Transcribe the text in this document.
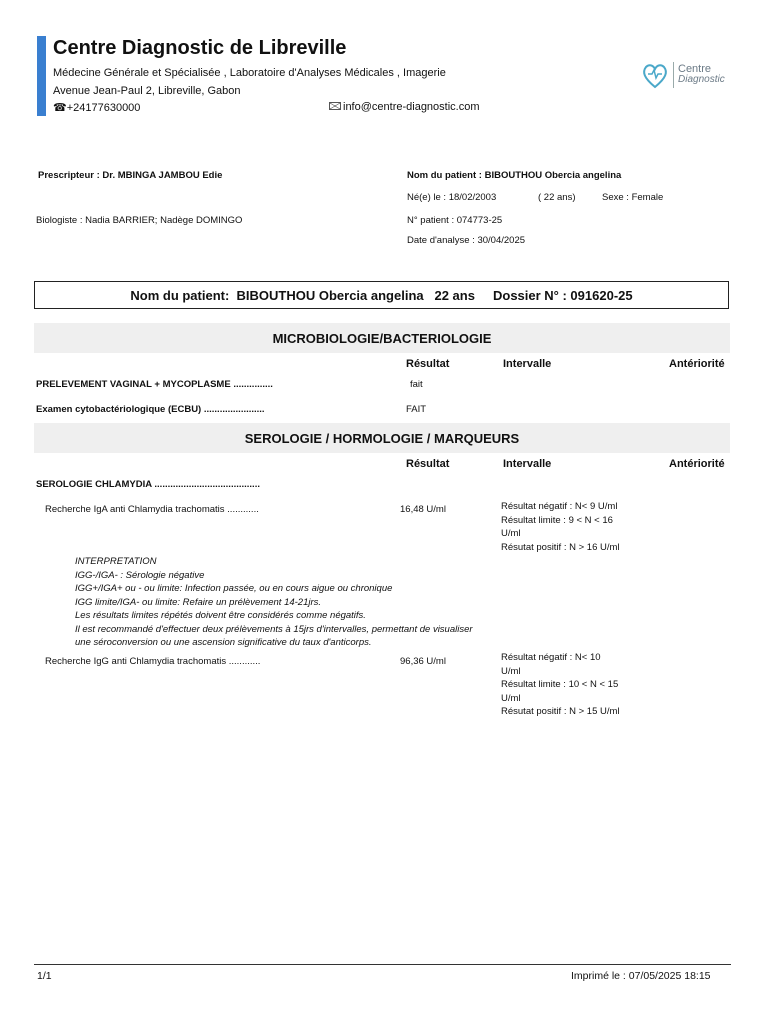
Centre Diagnostic de Libreville
Médecine Générale et Spécialisée , Laboratoire d'Analyses Médicales , Imagerie
Avenue Jean-Paul 2, Libreville, Gabon
☎+24177630000	info@centre-diagnostic.com
Centre
Diagnostic
Prescripteur : Dr. MBINGA JAMBOU Edie
Biologiste : Nadia BARRIER; Nadège DOMINGO
Nom du patient : BIBOUTHOU Obercia angelina
Né(e) le : 18/02/2003	( 22 ans)	Sexe : Female
N° patient : 074773-25
Date d'analyse : 30/04/2025
Nom du patient:  BIBOUTHOU Obercia angelina   22 ans     Dossier N° : 091620-25
MICROBIOLOGIE/BACTERIOLOGIE
Résultat	Intervalle	Antériorité
PRELEVEMENT VAGINAL + MYCOPLASME ...............	fait
Examen cytobactériologique (ECBU) .......................	FAIT
SEROLOGIE / HORMOLOGIE / MARQUEURS
Résultat	Intervalle	Antériorité
SEROLOGIE CHLAMYDIA ........................................
Recherche IgA anti Chlamydia trachomatis ............	16,48 U/ml	Résultat négatif : N< 9 U/ml
Résultat limite : 9 < N < 16
U/ml
Résutat positif : N > 16 U/ml
INTERPRETATION
IGG-/IGA- : Sérologie négative
IGG+/IGA+ ou - ou limite: Infection passée, ou en cours aigue ou chronique
IGG limite/IGA- ou limite: Refaire un prélèvement 14-21jrs.
Les résultats limites répétés doivent être considérés comme négatifs.
Il est recommandé d'effectuer deux prélèvements à 15jrs d'intervalles, permettant de visualiser
une séroconversion ou une ascension significative du taux d'anticorps.
Recherche IgG anti Chlamydia trachomatis ............	96,36 U/ml	Résultat négatif : N< 10
U/ml
Résultat limite : 10 < N < 15
U/ml
Résutat positif : N > 15 U/ml
1/1	Imprimé le : 07/05/2025 18:15
